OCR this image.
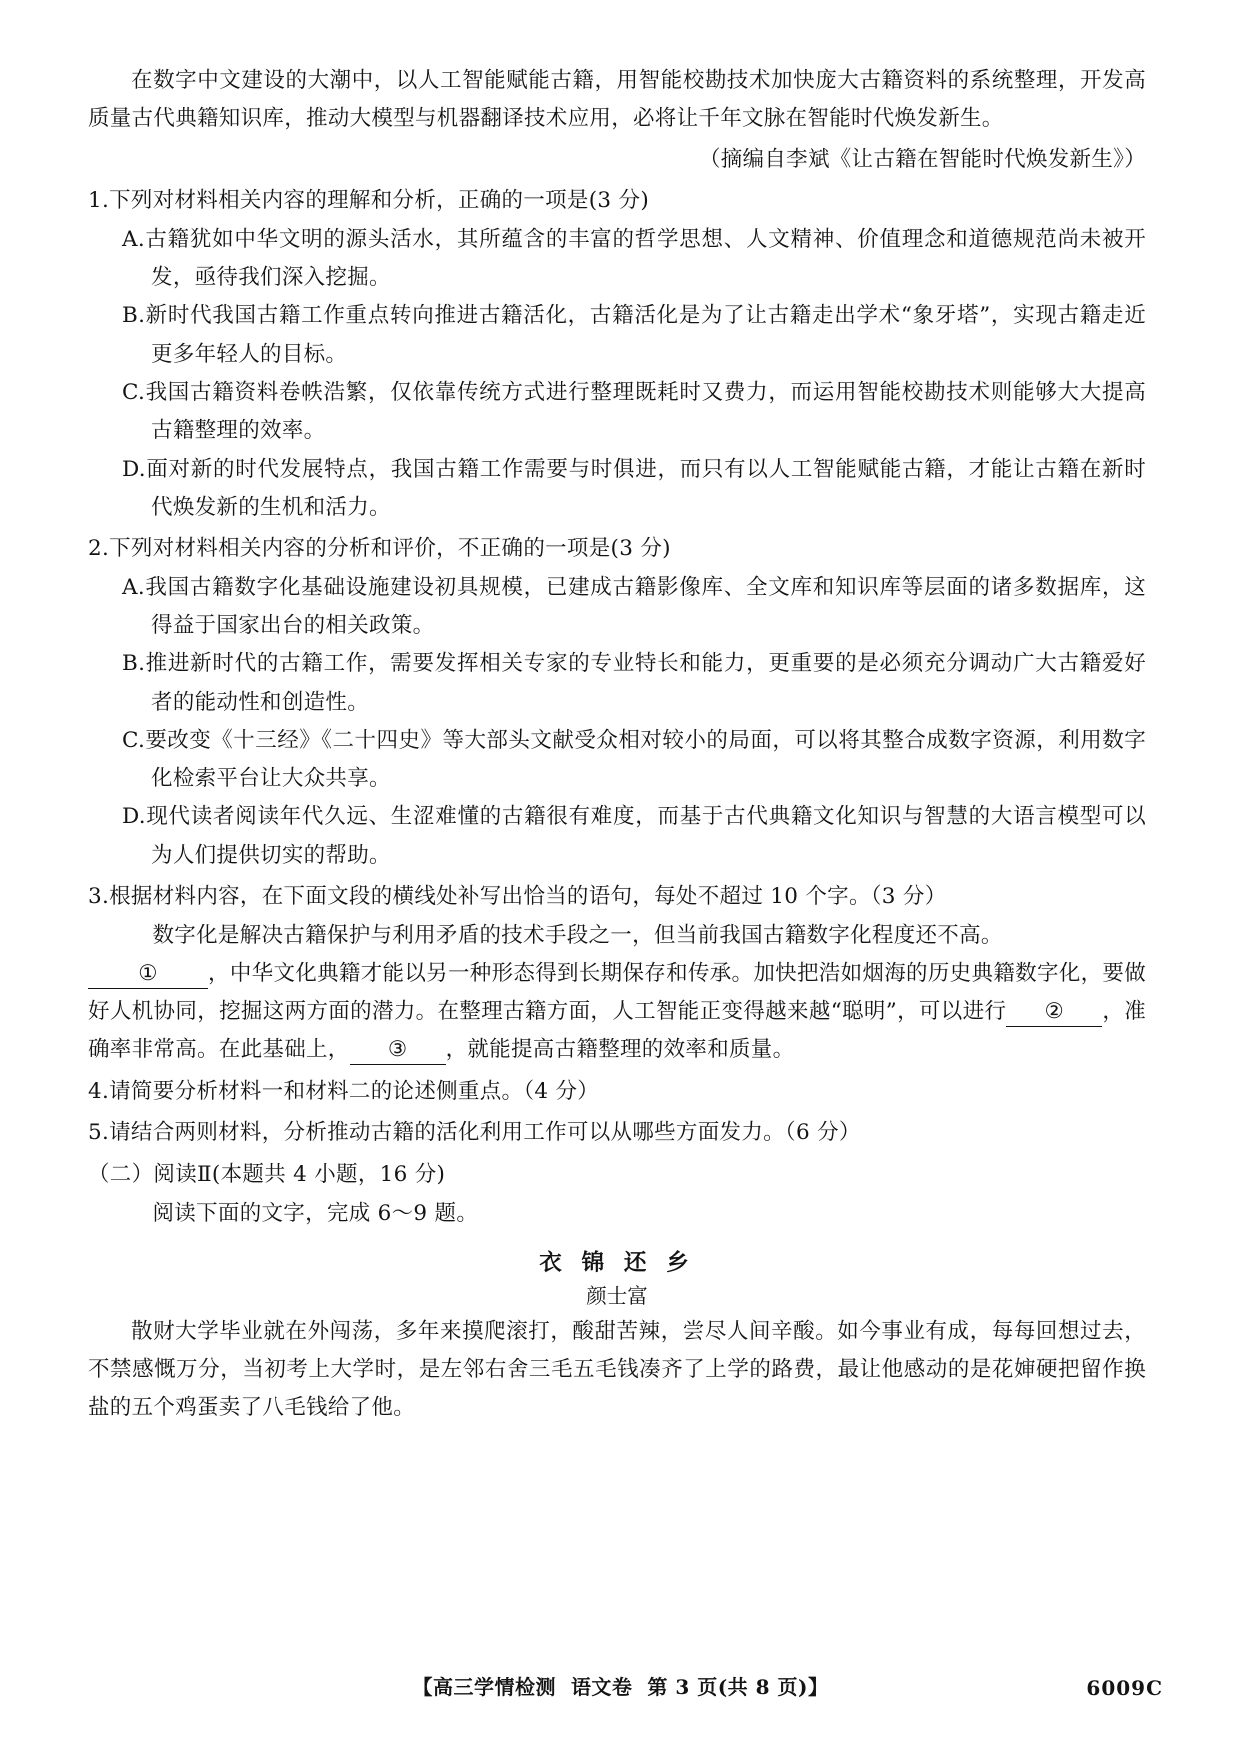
在数字中文建设的大潮中，以人工智能赋能古籍，用智能校勘技术加快庞大古籍资料的系统整理，开发高质量古代典籍知识库，推动大模型与机器翻译技术应用，必将让千年文脉在智能时代焕发新生。

（摘编自李斌《让古籍在智能时代焕发新生》）

1.下列对材料相关内容的理解和分析，正确的一项是(3 分)

A.古籍犹如中华文明的源头活水，其所蕴含的丰富的哲学思想、人文精神、价值理念和道德规范尚未被开发，亟待我们深入挖掘。

B.新时代我国古籍工作重点转向推进古籍活化，古籍活化是为了让古籍走出学术“象牙塔”，实现古籍走近更多年轻人的目标。

C.我国古籍资料卷帙浩繁，仅依靠传统方式进行整理既耗时又费力，而运用智能校勘技术则能够大大提高古籍整理的效率。

D.面对新的时代发展特点，我国古籍工作需要与时俱进，而只有以人工智能赋能古籍，才能让古籍在新时代焕发新的生机和活力。

2.下列对材料相关内容的分析和评价，不正确的一项是(3 分)

A.我国古籍数字化基础设施建设初具规模，已建成古籍影像库、全文库和知识库等层面的诸多数据库，这得益于国家出台的相关政策。

B.推进新时代的古籍工作，需要发挥相关专家的专业特长和能力，更重要的是必须充分调动广大古籍爱好者的能动性和创造性。

C.要改变《十三经》《二十四史》等大部头文献受众相对较小的局面，可以将其整合成数字资源，利用数字化检索平台让大众共享。

D.现代读者阅读年代久远、生涩难懂的古籍很有难度，而基于古代典籍文化知识与智慧的大语言模型可以为人们提供切实的帮助。

3.根据材料内容，在下面文段的横线处补写出恰当的语句，每处不超过 10 个字。（3 分）

数字化是解决古籍保护与利用矛盾的技术手段之一，但当前我国古籍数字化程度还不高。

① ，中华文化典籍才能以另一种形态得到长期保存和传承。加快把浩如烟海的历史典籍数字化，要做好人机协同，挖掘这两方面的潜力。在整理古籍方面，人工智能正变得越来越“聪明”，可以进行 ② ，准确率非常高。在此基础上， ③ ，就能提高古籍整理的效率和质量。

4.请简要分析材料一和材料二的论述侧重点。（4 分）

5.请结合两则材料，分析推动古籍的活化利用工作可以从哪些方面发力。（6 分）

（二）阅读Ⅱ(本题共 4 小题，16 分)

阅读下面的文字，完成 6～9 题。

衣 锦 还 乡
颜士富

散财大学毕业就在外闯荡，多年来摸爬滚打，酸甜苦辣，尝尽人间辛酸。如今事业有成，每每回想过去，不禁感慨万分，当初考上大学时，是左邻右舍三毛五毛钱凑齐了上学的路费，最让他感动的是花婶硬把留作换盐的五个鸡蛋卖了八毛钱给了他。

【高三学情检测 语文卷 第 3 页(共 8 页)】	6009C
